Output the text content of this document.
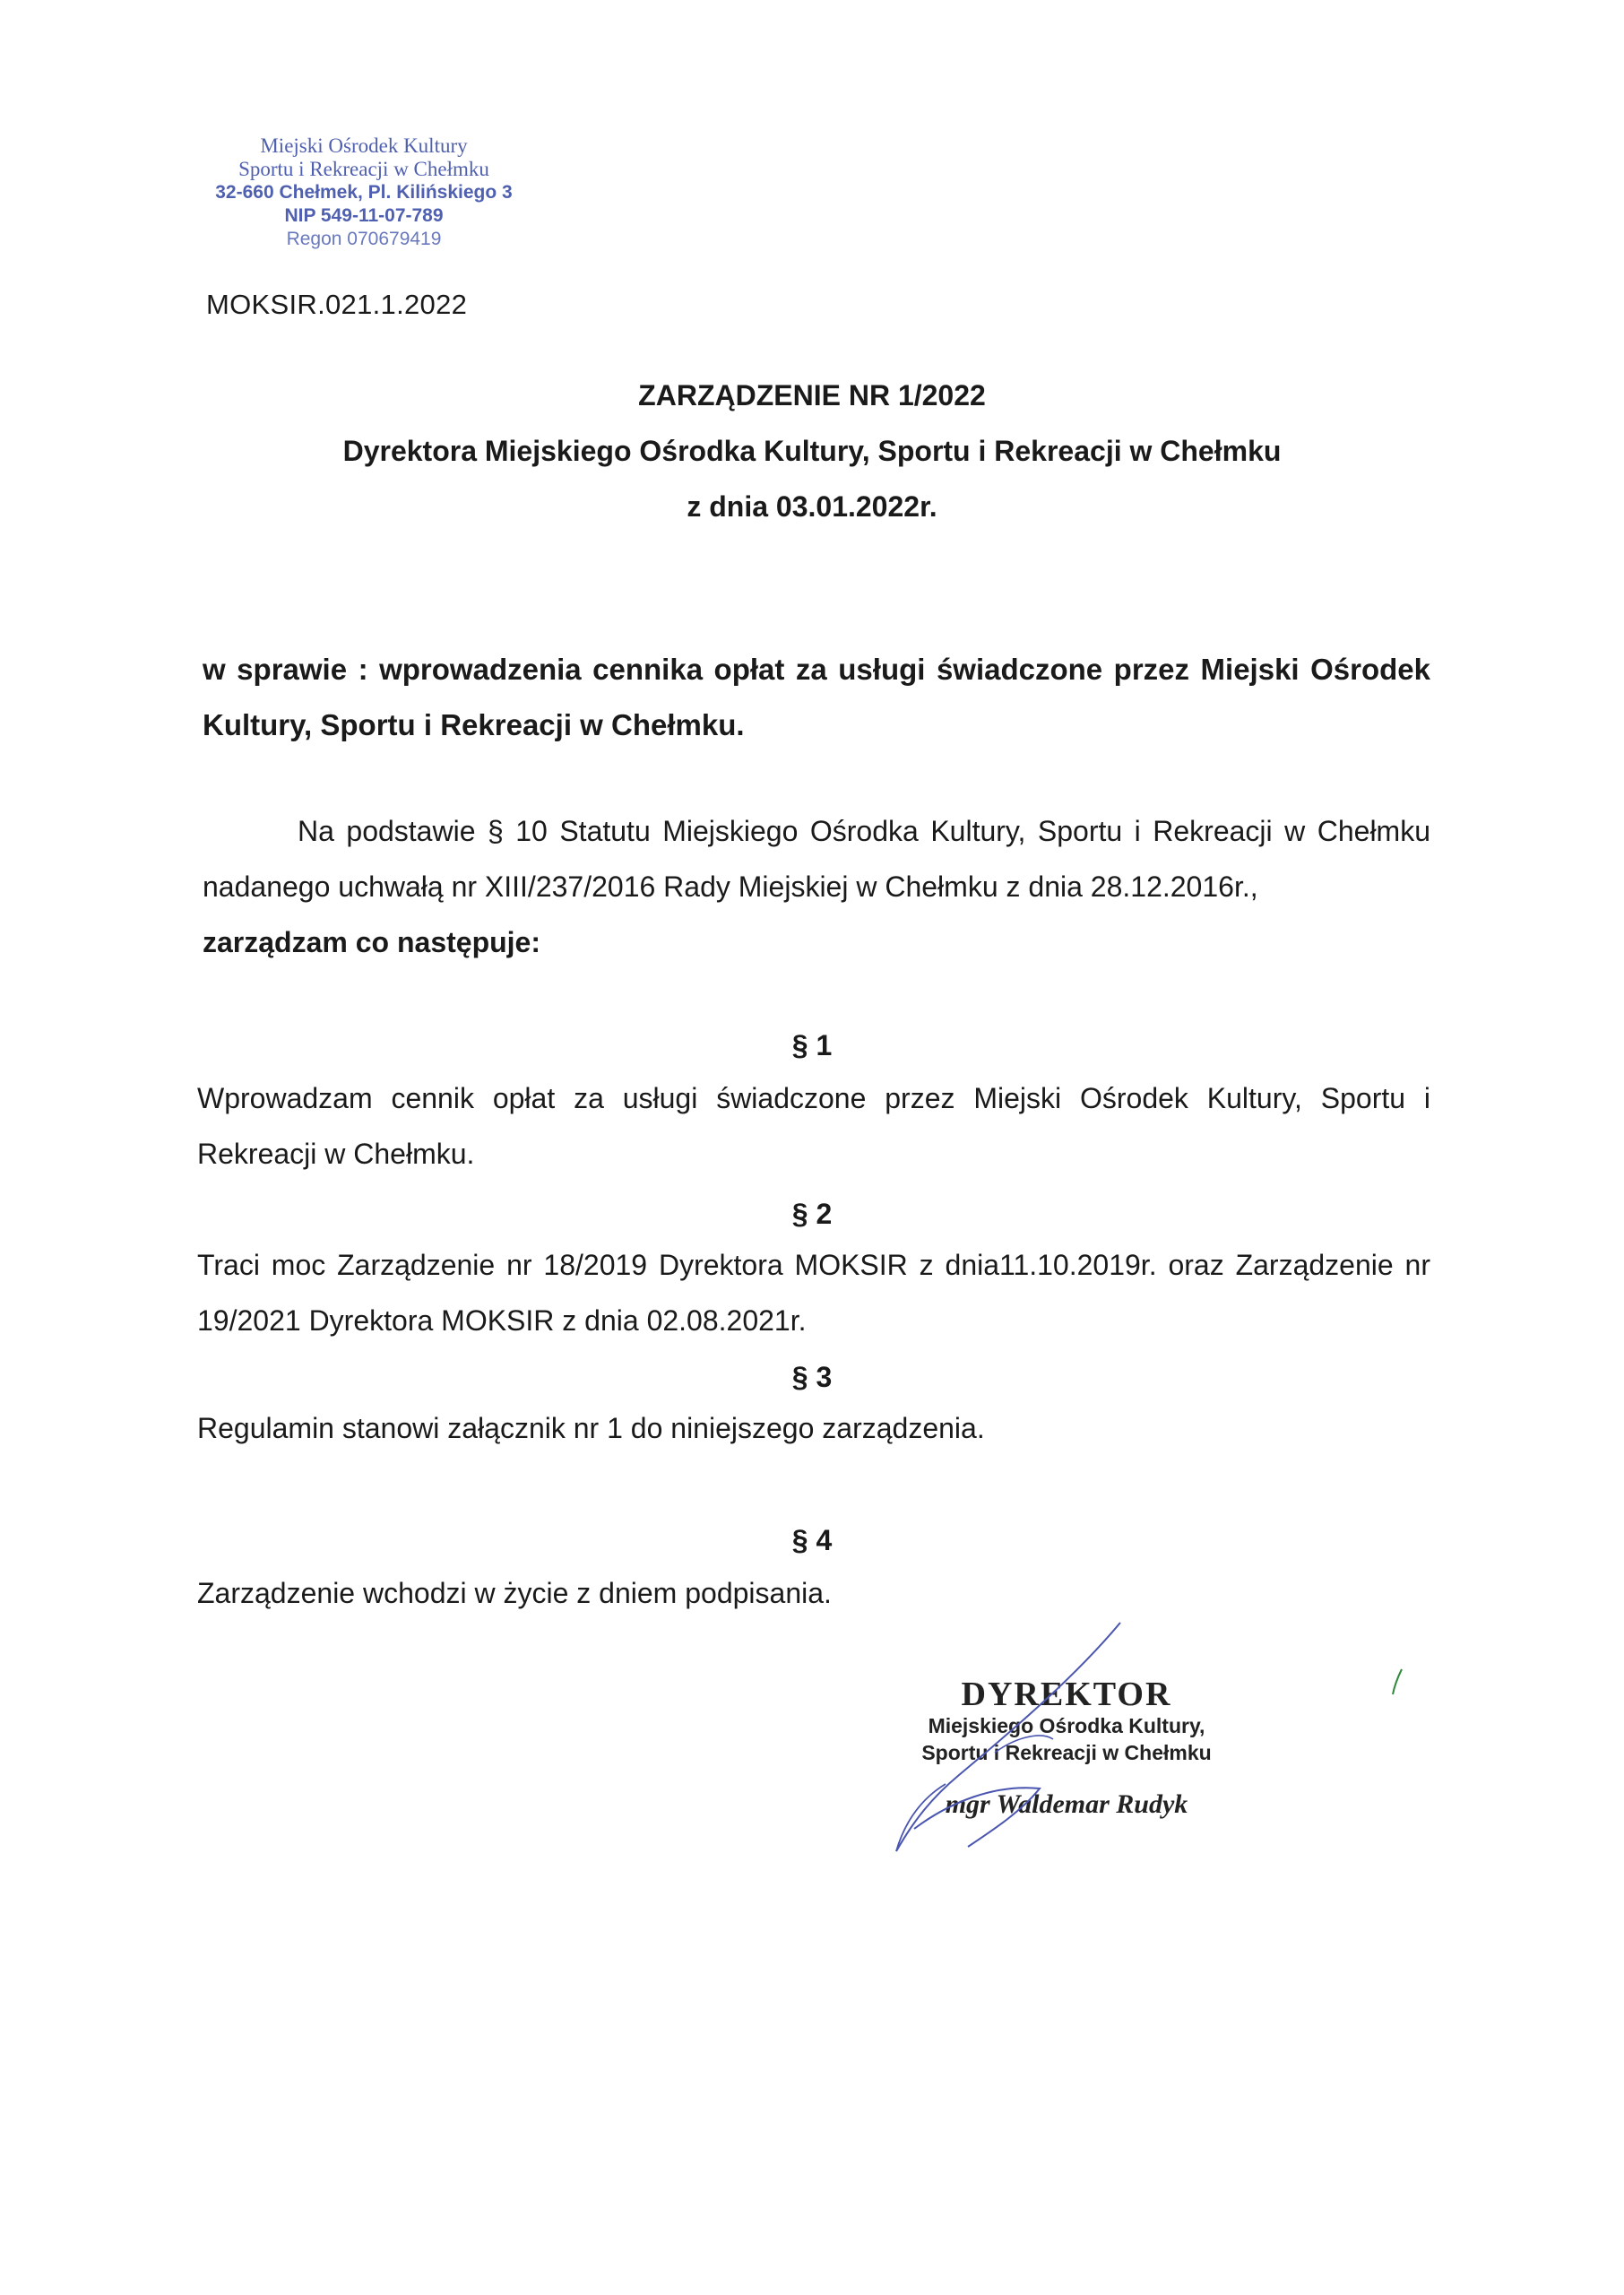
Miejski Ośrodek Kultury
Sportu i Rekreacji w Chełmku
32-660 Chełmek, Pl. Kilińskiego 3
NIP 549-11-07-789
Regon 070679419
MOKSIR.021.1.2022
ZARZĄDZENIE NR 1/2022
Dyrektora Miejskiego Ośrodka Kultury, Sportu i Rekreacji w Chełmku
z dnia 03.01.2022r.
w sprawie : wprowadzenia cennika opłat za usługi świadczone przez Miejski Ośrodek Kultury, Sportu i Rekreacji w Chełmku.
Na podstawie § 10 Statutu Miejskiego Ośrodka Kultury, Sportu i Rekreacji w Chełmku nadanego uchwałą nr XIII/237/2016 Rady Miejskiej w Chełmku z dnia 28.12.2016r.,
zarządzam co następuje:
§ 1
Wprowadzam cennik opłat za usługi świadczone przez Miejski Ośrodek Kultury, Sportu i Rekreacji w Chełmku.
§ 2
Traci moc Zarządzenie nr 18/2019 Dyrektora MOKSIR z dnia11.10.2019r. oraz Zarządzenie nr 19/2021 Dyrektora MOKSIR z dnia 02.08.2021r.
§ 3
Regulamin stanowi załącznik nr 1 do niniejszego zarządzenia.
§ 4
Zarządzenie wchodzi w życie z dniem podpisania.
DYREKTOR
Miejskiego Ośrodka Kultury,
Sportu i Rekreacji w Chełmku
mgr Waldemar Rudyk
